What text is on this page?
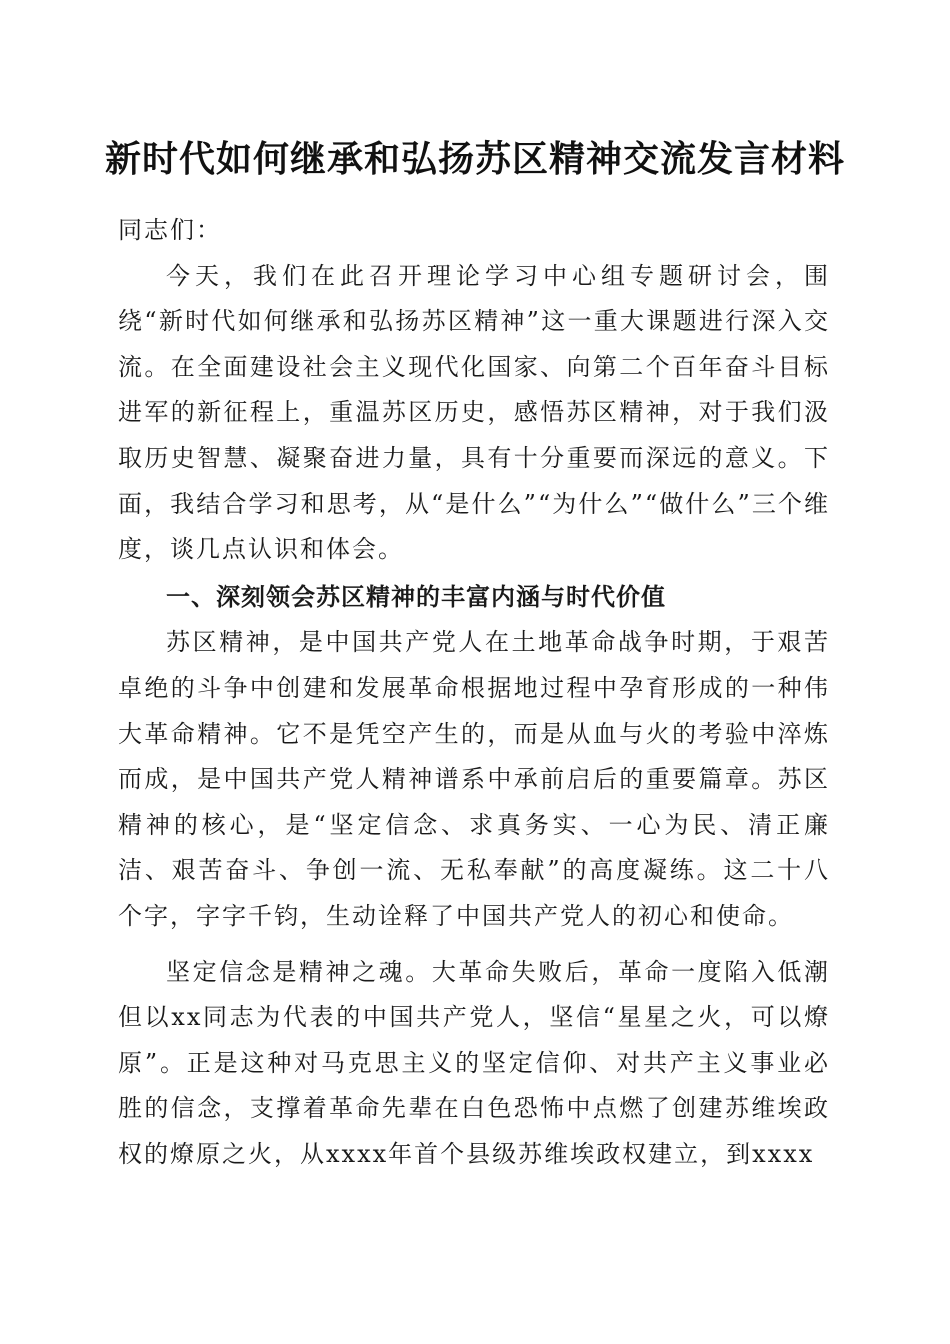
新时代如何继承和弘扬苏区精神交流发言材料

同志们：

今天，我们在此召开理论学习中心组专题研讨会，围绕“新时代如何继承和弘扬苏区精神”这一重大课题进行深入交流。在全面建设社会主义现代化国家、向第二个百年奋斗目标进军的新征程上，重温苏区历史，感悟苏区精神，对于我们汲取历史智慧、凝聚奋进力量，具有十分重要而深远的意义。下面，我结合学习和思考，从“是什么”“为什么”“做什么”三个维度，谈几点认识和体会。

一、深刻领会苏区精神的丰富内涵与时代价值

苏区精神，是中国共产党人在土地革命战争时期，于艰苦卓绝的斗争中创建和发展革命根据地过程中孕育形成的一种伟大革命精神。它不是凭空产生的，而是从血与火的考验中淬炼而成，是中国共产党人精神谱系中承前启后的重要篇章。苏区精神的核心，是“坚定信念、求真务实、一心为民、清正廉洁、艰苦奋斗、争创一流、无私奉献”的高度凝练。这二十八个字，字字千钧，生动诠释了中国共产党人的初心和使命。

坚定信念是精神之魂。大革命失败后，革命一度陷入低潮但以xx同志为代表的中国共产党人，坚信“星星之火，可以燎原”。正是这种对马克思主义的坚定信仰、对共产主义事业必胜的信念，支撑着革命先辈在白色恐怖中点燃了创建苏维埃政权的燎原之火，从xxxx年首个县级苏维埃政权建立，到xxxx
